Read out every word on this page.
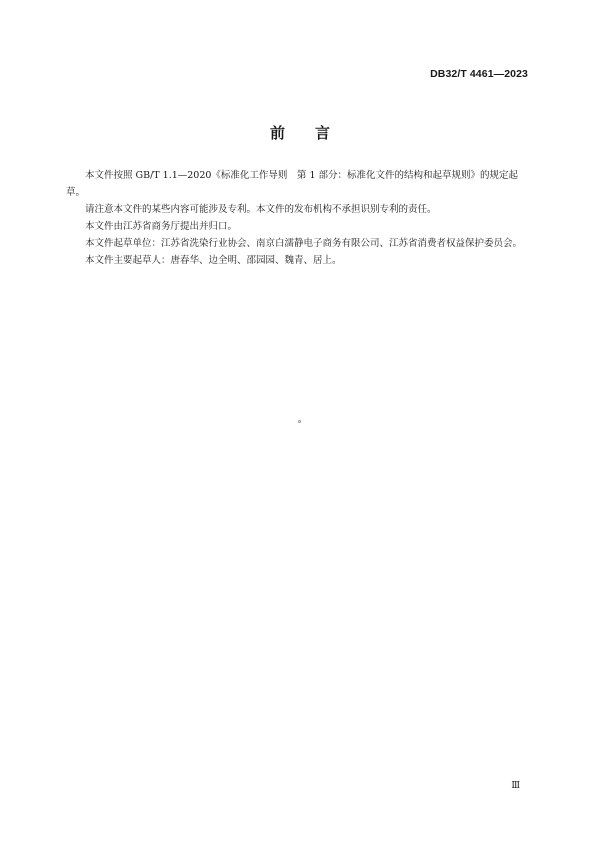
DB32/T 4461—2023
前言

本文件按照 GB/T 1.1—2020《标准化工作导则　第 1 部分：标准化文件的结构和起草规则》的规定起草。

请注意本文件的某些内容可能涉及专利。本文件的发布机构不承担识别专利的责任。

本文件由江苏省商务厅提出并归口。

本文件起草单位：江苏省洗染行业协会、南京白濡静电子商务有限公司、江苏省消费者权益保护委员会。

本文件主要起草人：唐春华、边全明、邵园园、魏青、居上。

Ⅲ
